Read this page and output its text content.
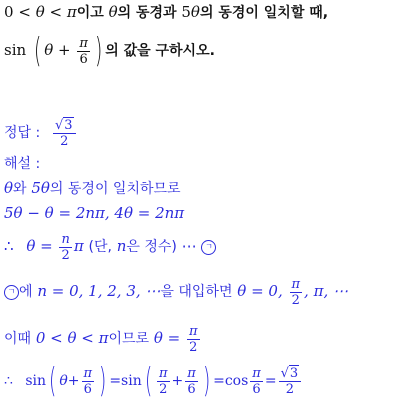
0 < θ < π이고 θ의 동경과 5θ의 동경이 일치할 때,
sin ( $\theta + \frac{\pi}{6}$ ) 의 값을 구하시오.
정답 : $\frac{√3}{2}$
해설 :
θ와 5θ의 동경이 일치하므로
5θ − θ = 2nπ, 4θ = 2nπ
∴ $\theta = \frac{n}{2}$ π (단, n은 정수) ⋯ ㄱ
ㄱ 에 n = 0, 1, 2, 3, ⋯을 대입하면 θ = 0, $\frac{\pi}{2}$ , π, ⋯
이때 0 < θ < π이므로 $\theta = \frac{\pi}{2}$
∴ sin( $\theta+ \frac{\pi}{6}$ ) $=\sin( \frac{\pi}{2} + \frac{\pi}{6}$ ) $=\cos \frac{\pi}{6} = \frac{√3}{2}$
